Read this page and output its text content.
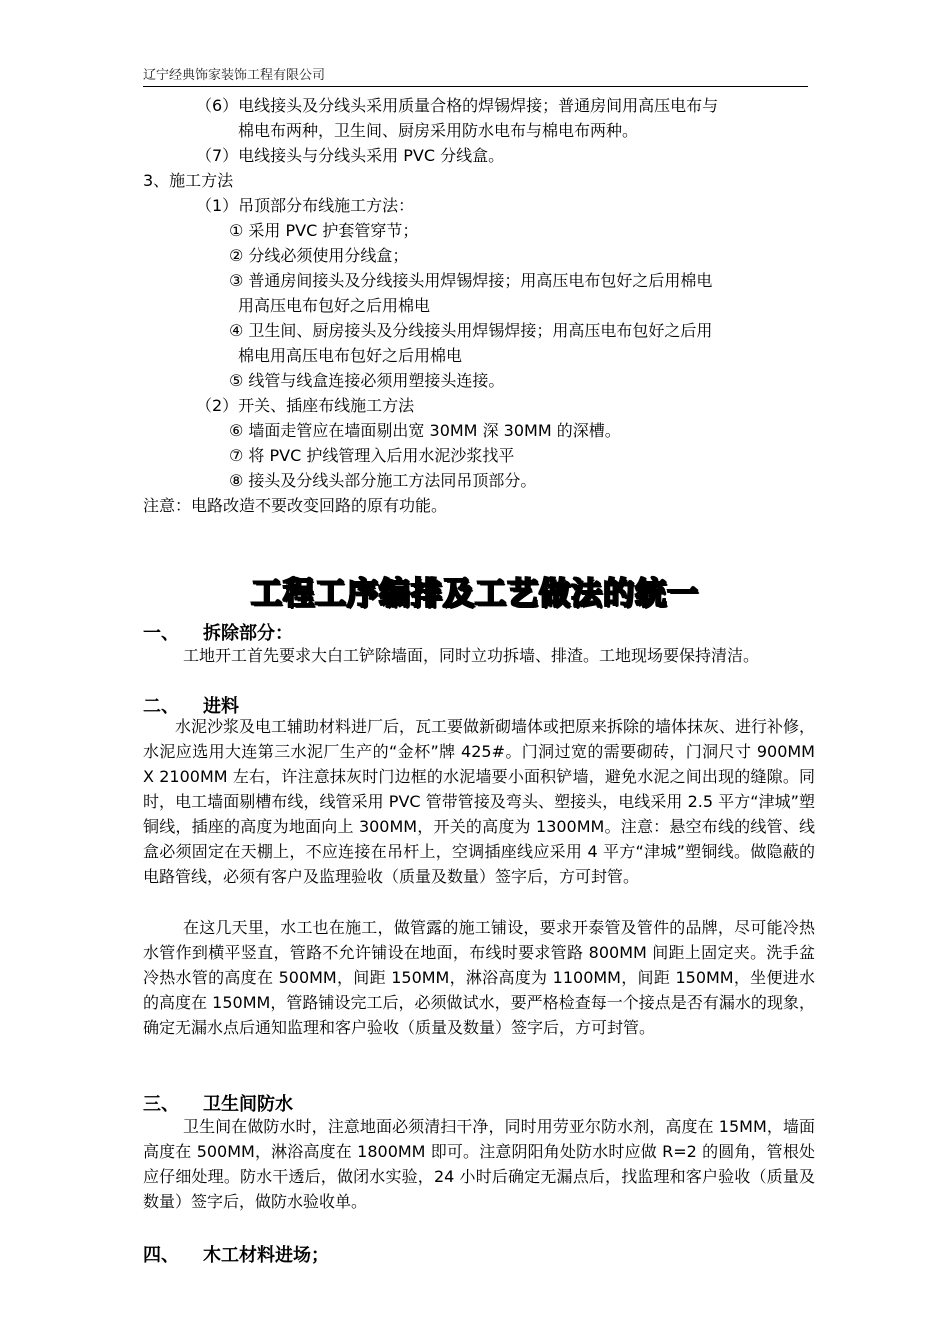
辽宁经典饰家装饰工程有限公司
（6）电线接头及分线头采用质量合格的焊锡焊接；普通房间用高压电布与
棉电布两种，卫生间、厨房采用防水电布与棉电布两种。
（7）电线接头与分线头采用 PVC 分线盒。
3、施工方法
（1）吊顶部分布线施工方法：
① 采用 PVC 护套管穿节；
② 分线必须使用分线盒；
③ 普通房间接头及分线接头用焊锡焊接；用高压电布包好之后用棉电
用高压电布包好之后用棉电
④ 卫生间、厨房接头及分线接头用焊锡焊接；用高压电布包好之后用
棉电用高压电布包好之后用棉电
⑤ 线管与线盒连接必须用塑接头连接。
（2）开关、插座布线施工方法
⑥ 墙面走管应在墙面剔出宽 30MM 深 30MM 的深槽。
⑦ 将 PVC 护线管理入后用水泥沙浆找平
⑧ 接头及分线头部分施工方法同吊顶部分。
注意：电路改造不要改变回路的原有功能。
工程工序编排及工艺做法的统一
一、 拆除部分：
工地开工首先要求大白工铲除墙面，同时立功拆墙、排渣。工地现场要保持清洁。
二、 进料
水泥沙浆及电工辅助材料进厂后，瓦工要做新砌墙体或把原来拆除的墙体抹灰、进行补修，水泥应选用大连第三水泥厂生产的“金杯”牌 425#。门洞过宽的需要砌砖，门洞尺寸 900MM X 2100MM 左右，许注意抹灰时门边框的水泥墙要小面积铲墙，避免水泥之间出现的缝隙。同时，电工墙面剔槽布线，线管采用 PVC 管带管接及弯头、塑接头，电线采用 2.5 平方“津城”塑铜线，插座的高度为地面向上 300MM，开关的高度为 1300MM。注意：悬空布线的线管、线盒必须固定在天棚上，不应连接在吊杆上，空调插座线应采用 4 平方“津城”塑铜线。做隐蔽的电路管线，必须有客户及监理验收（质量及数量）签字后，方可封管。
在这几天里，水工也在施工，做管露的施工铺设，要求开泰管及管件的品牌，尽可能冷热水管作到横平竖直，管路不允许铺设在地面，布线时要求管路 800MM 间距上固定夹。洗手盆冷热水管的高度在 500MM，间距 150MM，淋浴高度为 1100MM，间距 150MM，坐便进水的高度在 150MM，管路铺设完工后，必须做试水，要严格检查每一个接点是否有漏水的现象，确定无漏水点后通知监理和客户验收（质量及数量）签字后，方可封管。
三、 卫生间防水
卫生间在做防水时，注意地面必须清扫干净，同时用劳亚尔防水剂，高度在 15MM，墙面高度在 500MM，淋浴高度在 1800MM 即可。注意阴阳角处防水时应做 R=2 的圆角，管根处应仔细处理。防水干透后，做闭水实验，24 小时后确定无漏点后，找监理和客户验收（质量及数量）签字后，做防水验收单。
四、 木工材料进场；
